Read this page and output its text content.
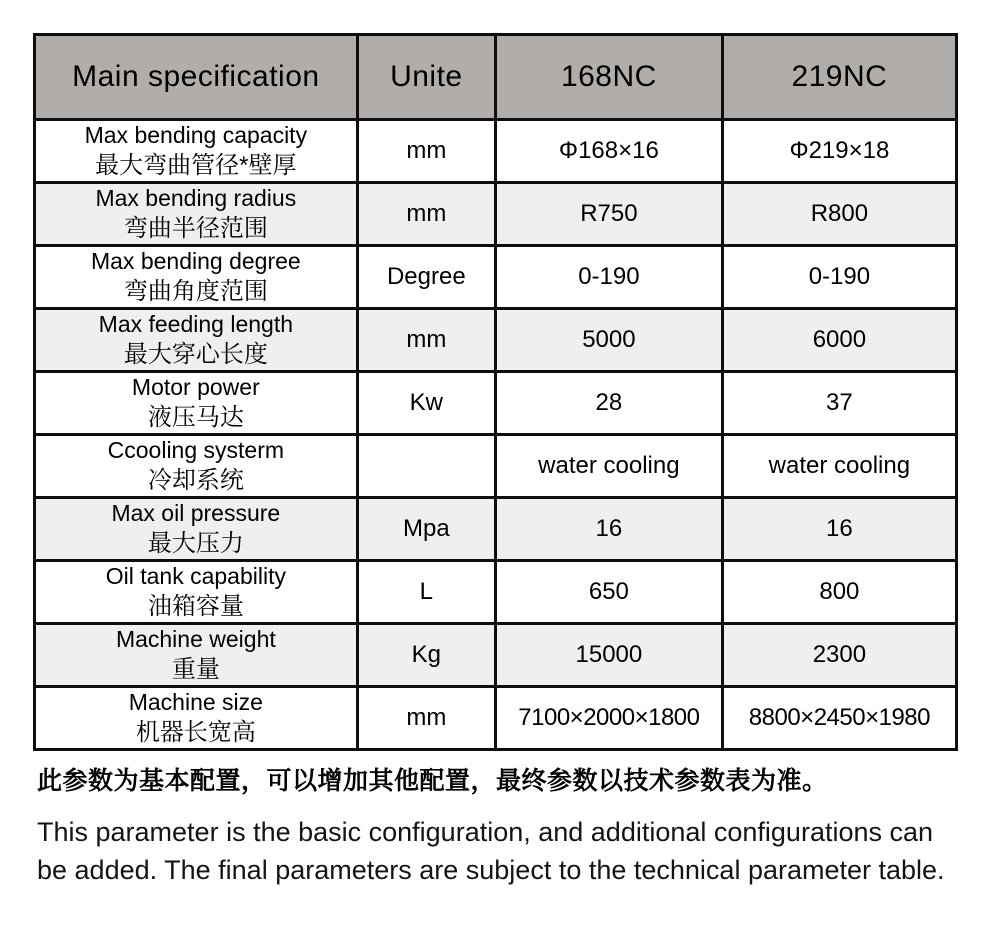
Main specification	Unite	168NC	219NC

Max bending capacity
最大弯曲管径*壁厚	mm	Φ168×16	Φ219×18

Max bending radius
弯曲半径范围	mm	R750	R800

Max bending degree
弯曲角度范围	Degree	0-190	0-190

Max feeding length
最大穿心长度	mm	5000	6000

Motor power
液压马达	Kw	28	37

Ccooling systerm
冷却系统		water cooling	water cooling

Max oil pressure
最大压力	Mpa	16	16

Oil tank capability
油箱容量	L	650	800

Machine weight
重量	Kg	15000	2300

Machine size
机器长宽高	mm	7100×2000×1800	8800×2450×1980

此参数为基本配置，可以增加其他配置，最终参数以技术参数表为准。

This parameter is the basic configuration, and additional configurations can be added. The final parameters are subject to the technical parameter table.
